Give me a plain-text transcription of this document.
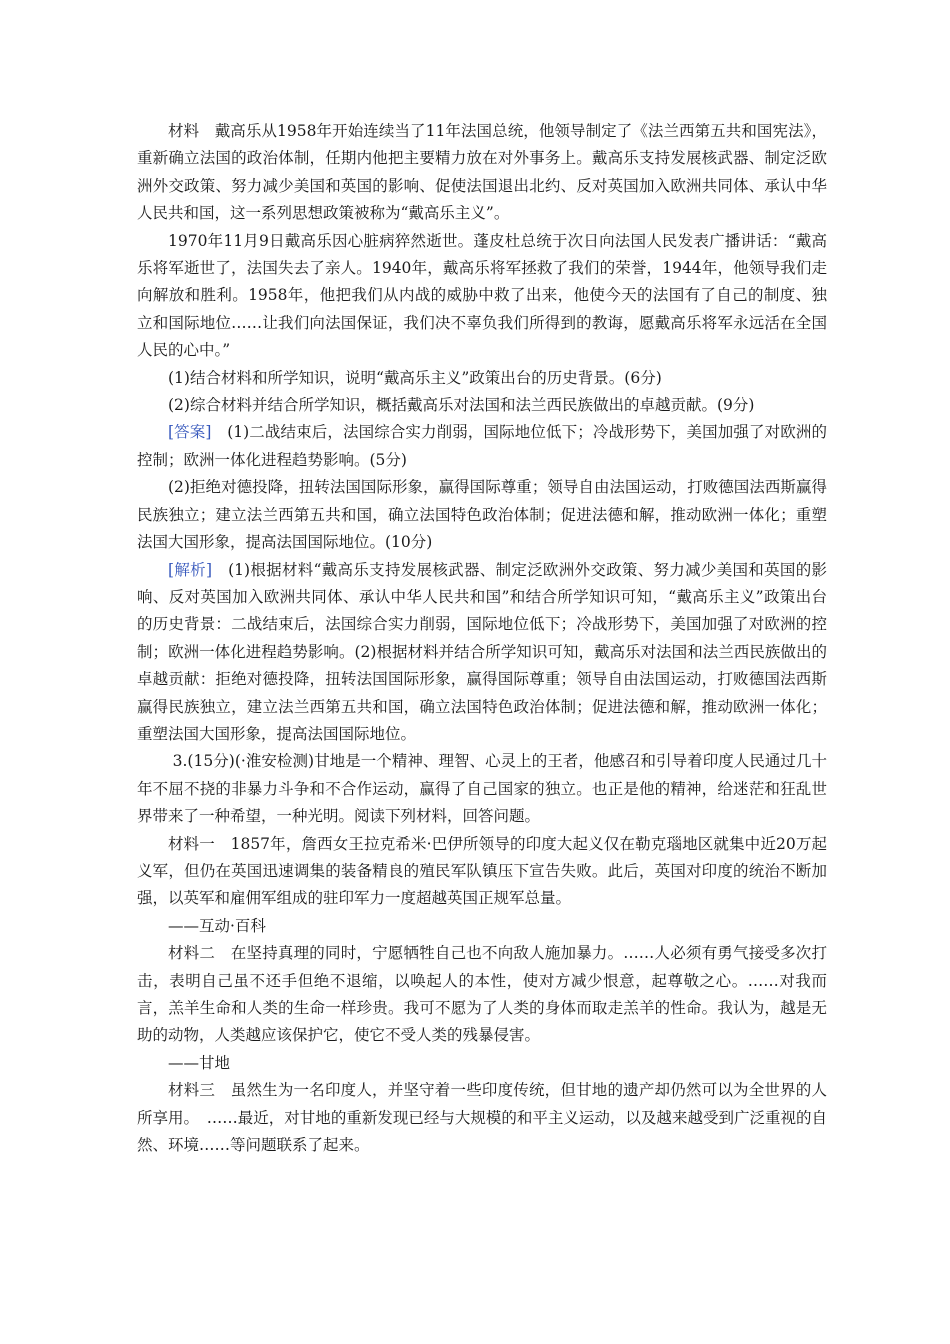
材料　戴高乐从1958年开始连续当了11年法国总统，他领导制定了《法兰西第五共和国宪法》，重新确立法国的政治体制，任期内他把主要精力放在对外事务上。戴高乐支持发展核武器、制定泛欧洲外交政策、努力减少美国和英国的影响、促使法国退出北约、反对英国加入欧洲共同体、承认中华人民共和国，这一系列思想政策被称为“戴高乐主义”。

1970年11月9日戴高乐因心脏病猝然逝世。蓬皮杜总统于次日向法国人民发表广播讲话：“戴高乐将军逝世了，法国失去了亲人。1940年，戴高乐将军拯救了我们的荣誉，1944年，他领导我们走向解放和胜利。1958年，他把我们从内战的威胁中救了出来，他使今天的法国有了自己的制度、独立和国际地位……让我们向法国保证，我们决不辜负我们所得到的教诲，愿戴高乐将军永远活在全国人民的心中。”

(1)结合材料和所学知识，说明“戴高乐主义”政策出台的历史背景。(6分)

(2)综合材料并结合所学知识，概括戴高乐对法国和法兰西民族做出的卓越贡献。(9分)

[答案]　(1)二战结束后，法国综合实力削弱，国际地位低下；冷战形势下，美国加强了对欧洲的控制；欧洲一体化进程趋势影响。(5分)

(2)拒绝对德投降，扭转法国国际形象，赢得国际尊重；领导自由法国运动，打败德国法西斯赢得民族独立；建立法兰西第五共和国，确立法国特色政治体制；促进法德和解，推动欧洲一体化；重塑法国大国形象，提高法国国际地位。(10分)

[解析]　(1)根据材料“戴高乐支持发展核武器、制定泛欧洲外交政策、努力减少美国和英国的影响、反对英国加入欧洲共同体、承认中华人民共和国”和结合所学知识可知，“戴高乐主义”政策出台的历史背景：二战结束后，法国综合实力削弱，国际地位低下；冷战形势下，美国加强了对欧洲的控制；欧洲一体化进程趋势影响。(2)根据材料并结合所学知识可知，戴高乐对法国和法兰西民族做出的卓越贡献：拒绝对德投降，扭转法国国际形象，赢得国际尊重；领导自由法国运动，打败德国法西斯赢得民族独立，建立法兰西第五共和国，确立法国特色政治体制；促进法德和解，推动欧洲一体化；重塑法国大国形象，提高法国国际地位。

3.(15分)(·淮安检测)甘地是一个精神、理智、心灵上的王者，他感召和引导着印度人民通过几十年不屈不挠的非暴力斗争和不合作运动，赢得了自己国家的独立。也正是他的精神，给迷茫和狂乱世界带来了一种希望，一种光明。阅读下列材料，回答问题。

材料一　1857年，詹西女王拉克希米·巴伊所领导的印度大起义仅在勒克瑙地区就集中近20万起义军，但仍在英国迅速调集的装备精良的殖民军队镇压下宣告失败。此后，英国对印度的统治不断加强，以英军和雇佣军组成的驻印军力一度超越英国正规军总量。

——互动·百科

材料二　在坚持真理的同时，宁愿牺牲自己也不向敌人施加暴力。……人必须有勇气接受多次打击，表明自己虽不还手但绝不退缩，以唤起人的本性，使对方减少恨意，起尊敬之心。……对我而言，羔羊生命和人类的生命一样珍贵。我可不愿为了人类的身体而取走羔羊的性命。我认为，越是无助的动物，人类越应该保护它，使它不受人类的残暴侵害。

——甘地

材料三　虽然生为一名印度人，并坚守着一些印度传统，但甘地的遗产却仍然可以为全世界的人所享用。　……最近，对甘地的重新发现已经与大规模的和平主义运动，以及越来越受到广泛重视的自然、环境……等问题联系了起来。
